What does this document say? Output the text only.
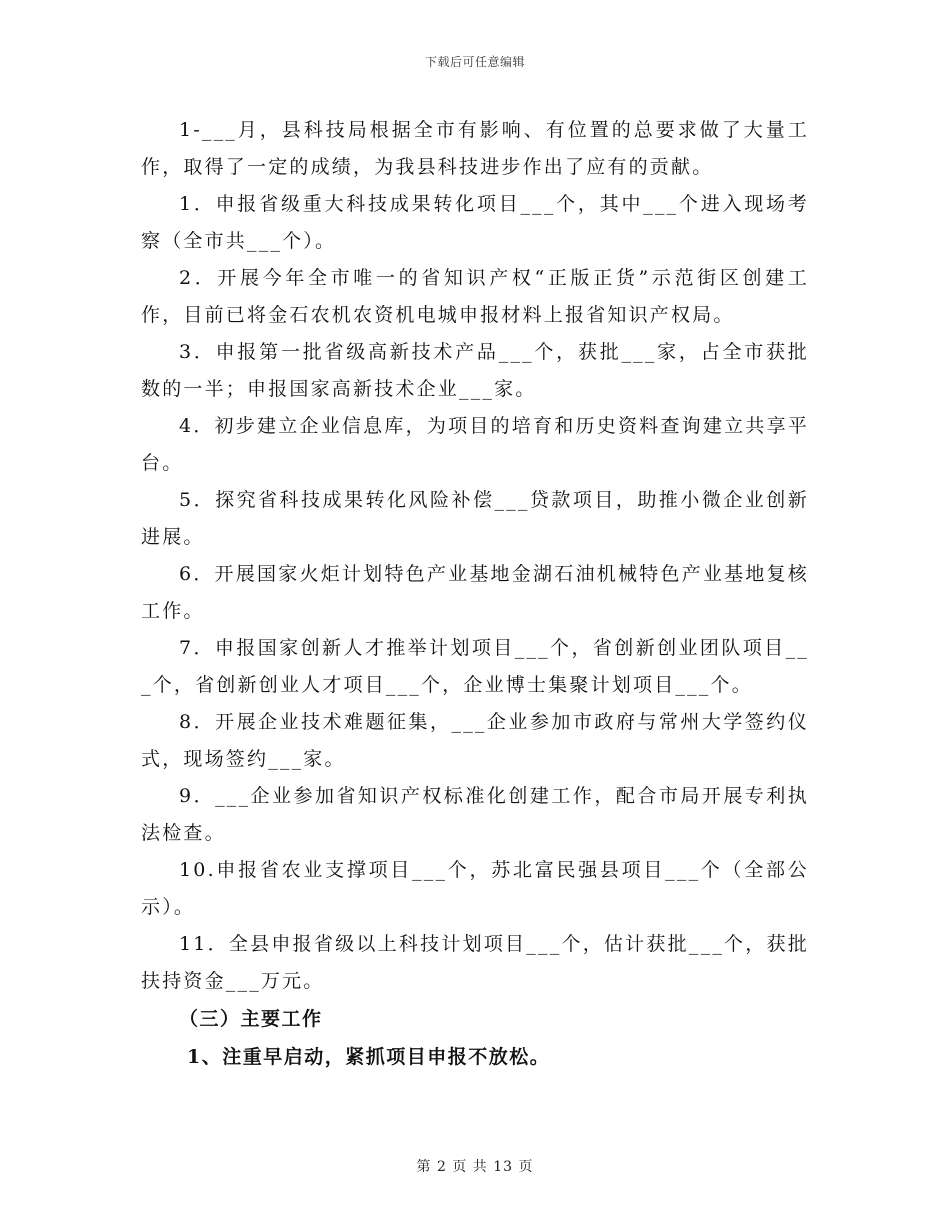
下载后可任意编辑

1-___月，县科技局根据全市有影响、有位置的总要求做了大量工作，取得了一定的成绩，为我县科技进步作出了应有的贡献。

1．申报省级重大科技成果转化项目___个，其中___个进入现场考察（全市共___个）。

2．开展今年全市唯一的省知识产权“正版正货”示范街区创建工作，目前已将金石农机农资机电城申报材料上报省知识产权局。

3．申报第一批省级高新技术产品___个，获批___家，占全市获批数的一半；申报国家高新技术企业___家。

4．初步建立企业信息库，为项目的培育和历史资料查询建立共享平台。

5．探究省科技成果转化风险补偿___贷款项目，助推小微企业创新进展。

6．开展国家火炬计划特色产业基地金湖石油机械特色产业基地复核工作。

7．申报国家创新人才推举计划项目___个，省创新创业团队项目___个，省创新创业人才项目___个，企业博士集聚计划项目___个。

8．开展企业技术难题征集，___企业参加市政府与常州大学签约仪式，现场签约___家。

9．___企业参加省知识产权标准化创建工作，配合市局开展专利执法检查。

10.申报省农业支撑项目___个，苏北富民强县项目___个（全部公示）。

11．全县申报省级以上科技计划项目___个，估计获批___个，获批扶持资金___万元。

（三）主要工作

1、注重早启动，紧抓项目申报不放松。

第 2 页 共 13 页
